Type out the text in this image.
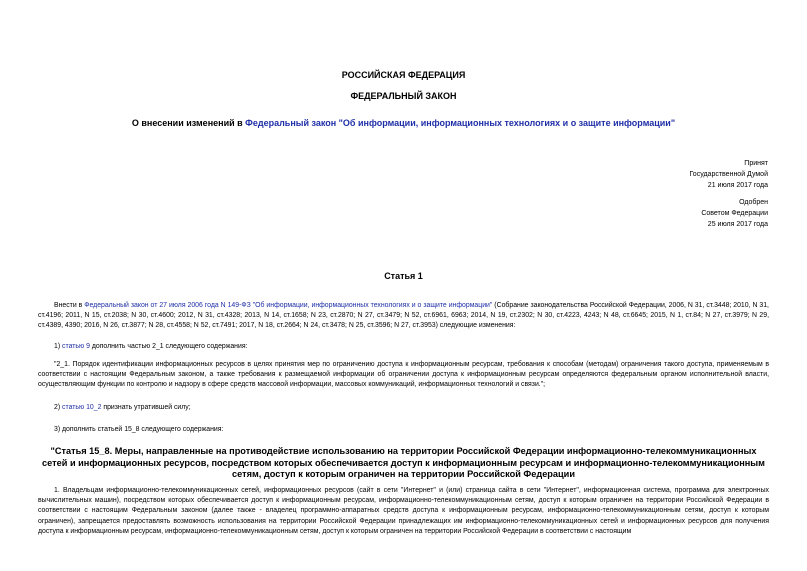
РОССИЙСКАЯ ФЕДЕРАЦИЯ
ФЕДЕРАЛЬНЫЙ ЗАКОН
О внесении изменений в Федеральный закон "Об информации, информационных технологиях и о защите информации"
Принят
Государственной Думой
21 июля 2017 года
Одобрен
Советом Федерации
25 июля 2017 года
Статья 1
Внести в Федеральный закон от 27 июля 2006 года N 149-ФЗ "Об информации, информационных технологиях и о защите информации" (Собрание законодательства Российской Федерации, 2006, N 31, ст.3448; 2010, N 31, ст.4196; 2011, N 15, ст.2038; N 30, ст.4600; 2012, N 31, ст.4328; 2013, N 14, ст.1658; N 23, ст.2870; N 27, ст.3479; N 52, ст.6961, 6963; 2014, N 19, ст.2302; N 30, ст.4223, 4243; N 48, ст.6645; 2015, N 1, ст.84; N 27, ст.3979; N 29, ст.4389, 4390; 2016, N 26, ст.3877; N 28, ст.4558; N 52, ст.7491; 2017, N 18, ст.2664; N 24, ст.3478; N 25, ст.3596; N 27, ст.3953) следующие изменения:
1) статью 9 дополнить частью 2_1 следующего содержания:
"2_1. Порядок идентификации информационных ресурсов в целях принятия мер по ограничению доступа к информационным ресурсам, требования к способам (методам) ограничения такого доступа, применяемым в соответствии с настоящим Федеральным законом, а также требования к размещаемой информации об ограничении доступа к информационным ресурсам определяются федеральным органом исполнительной власти, осуществляющим функции по контролю и надзору в сфере средств массовой информации, массовых коммуникаций, информационных технологий и связи.";
2) статью 10_2 признать утратившей силу;
3) дополнить статьей 15_8 следующего содержания:
"Статья 15_8. Меры, направленные на противодействие использованию на территории Российской Федерации информационно-телекоммуникационных сетей и информационных ресурсов, посредством которых обеспечивается доступ к информационным ресурсам и информационно-телекоммуникационным сетям, доступ к которым ограничен на территории Российской Федерации
1. Владельцам информационно-телекоммуникационных сетей, информационных ресурсов (сайт в сети "Интернет" и (или) страница сайта в сети "Интернет", информационная система, программа для электронных вычислительных машин), посредством которых обеспечивается доступ к информационным ресурсам, информационно-телекоммуникационным сетям, доступ к которым ограничен на территории Российской Федерации в соответствии с настоящим Федеральным законом (далее также - владелец программно-аппаратных средств доступа к информационным ресурсам, информационно-телекоммуникационным сетям, доступ к которым ограничен), запрещается предоставлять возможность использования на территории Российской Федерации принадлежащих им информационно-телекоммуникационных сетей и информационных ресурсов для получения доступа к информационным ресурсам, информационно-телекоммуникационным сетям, доступ к которым ограничен на территории Российской Федерации в соответствии с настоящим
